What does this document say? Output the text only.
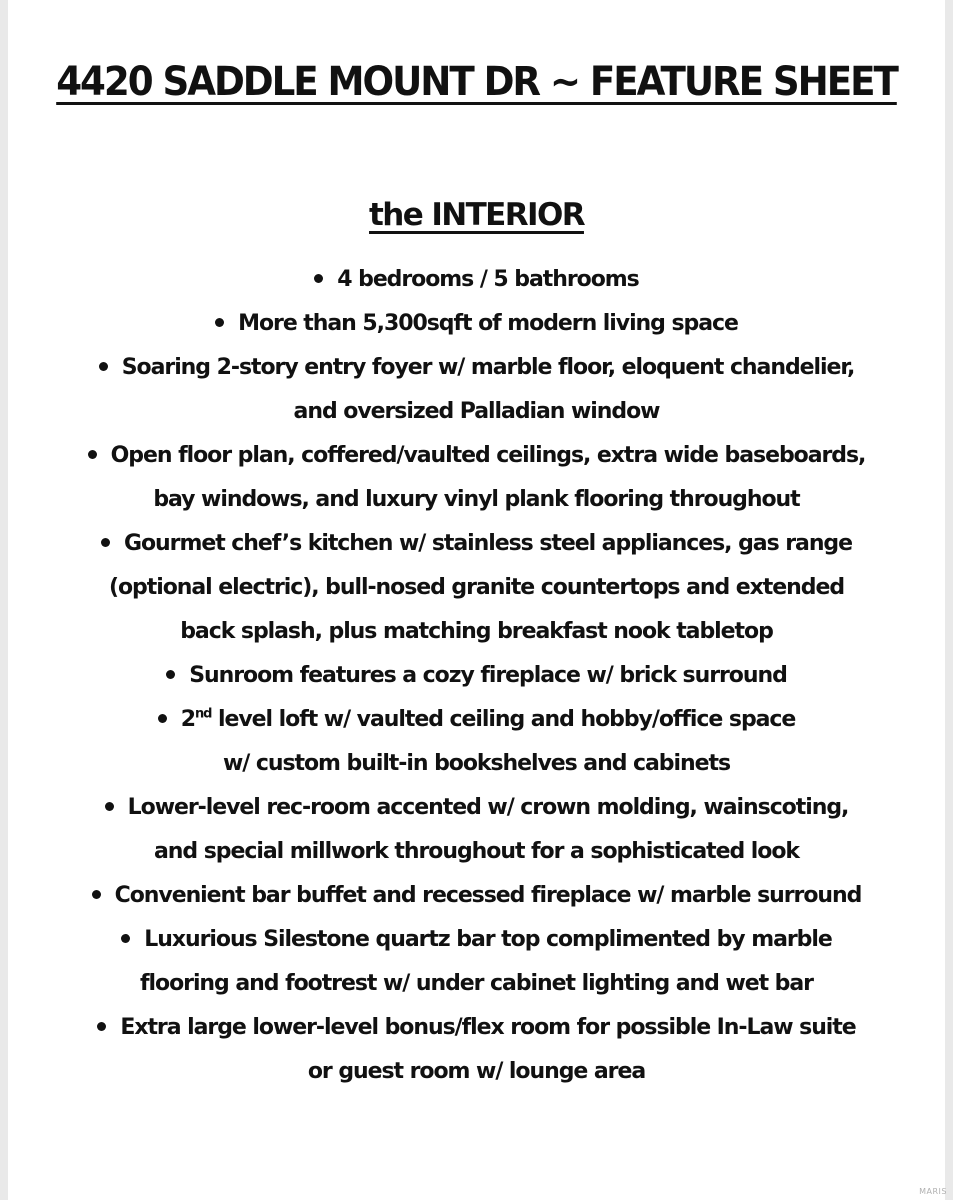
4420 SADDLE MOUNT DR ~ FEATURE SHEET
the INTERIOR
4 bedrooms / 5 bathrooms
More than 5,300sqft of modern living space
Soaring 2-story entry foyer w/ marble floor, eloquent chandelier,
and oversized Palladian window
Open floor plan, coffered/vaulted ceilings, extra wide baseboards,
bay windows, and luxury vinyl plank flooring throughout
Gourmet chef’s kitchen w/ stainless steel appliances, gas range
(optional electric), bull-nosed granite countertops and extended
back splash, plus matching breakfast nook tabletop
Sunroom features a cozy fireplace w/ brick surround
2nd level loft w/ vaulted ceiling and hobby/office space
w/ custom built-in bookshelves and cabinets
Lower-level rec-room accented w/ crown molding, wainscoting,
and special millwork throughout for a sophisticated look
Convenient bar buffet and recessed fireplace w/ marble surround
Luxurious Silestone quartz bar top complimented by marble
flooring and footrest w/ under cabinet lighting and wet bar
Extra large lower-level bonus/flex room for possible In-Law suite
or guest room w/ lounge area
MARIS
